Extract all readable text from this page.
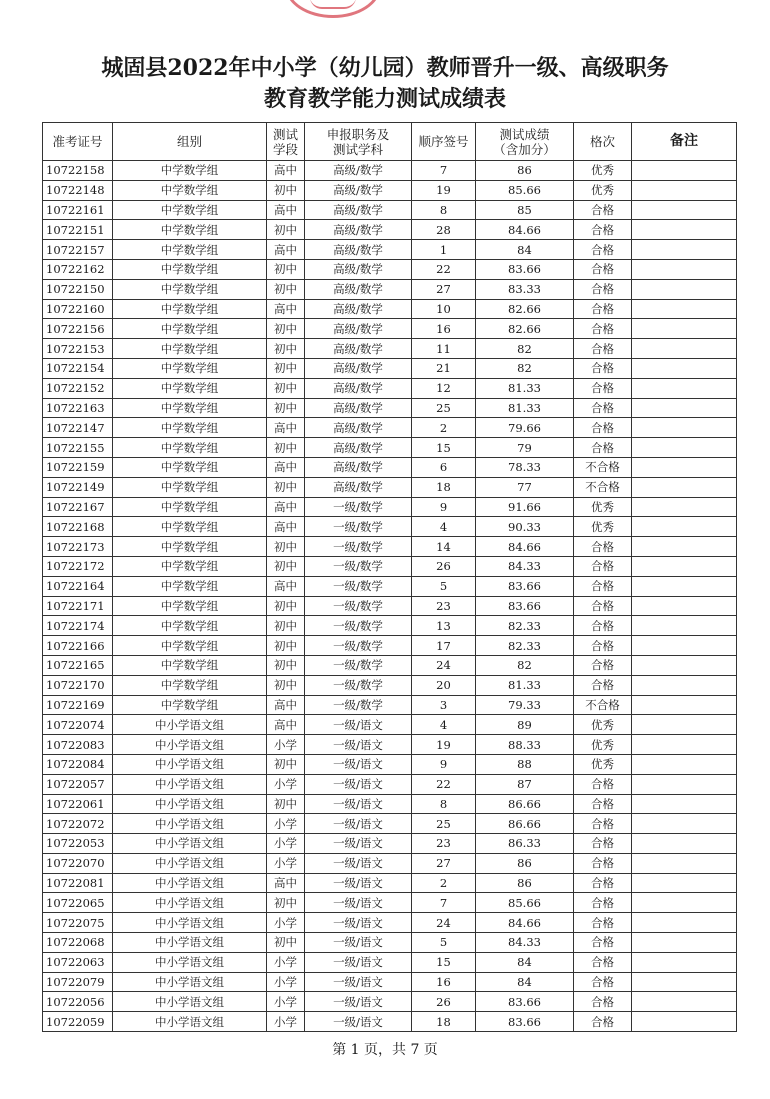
城固县2022年中小学（幼儿园）教师晋升一级、高级职务
教育教学能力测试成绩表
准考证号	组别	测试学段	申报职务及测试学科	顺序签号	测试成绩（含加分）	格次	备注
10722158	中学数学组	高中	高级/数学	7	86	优秀	
10722148	中学数学组	初中	高级/数学	19	85.66	优秀	
10722161	中学数学组	高中	高级/数学	8	85	合格	
10722151	中学数学组	初中	高级/数学	28	84.66	合格	
10722157	中学数学组	高中	高级/数学	1	84	合格	
10722162	中学数学组	初中	高级/数学	22	83.66	合格	
10722150	中学数学组	初中	高级/数学	27	83.33	合格	
10722160	中学数学组	高中	高级/数学	10	82.66	合格	
10722156	中学数学组	初中	高级/数学	16	82.66	合格	
10722153	中学数学组	初中	高级/数学	11	82	合格	
10722154	中学数学组	初中	高级/数学	21	82	合格	
10722152	中学数学组	初中	高级/数学	12	81.33	合格	
10722163	中学数学组	初中	高级/数学	25	81.33	合格	
10722147	中学数学组	高中	高级/数学	2	79.66	合格	
10722155	中学数学组	初中	高级/数学	15	79	合格	
10722159	中学数学组	高中	高级/数学	6	78.33	不合格	
10722149	中学数学组	初中	高级/数学	18	77	不合格	
10722167	中学数学组	高中	一级/数学	9	91.66	优秀	
10722168	中学数学组	高中	一级/数学	4	90.33	优秀	
10722173	中学数学组	初中	一级/数学	14	84.66	合格	
10722172	中学数学组	初中	一级/数学	26	84.33	合格	
10722164	中学数学组	高中	一级/数学	5	83.66	合格	
10722171	中学数学组	初中	一级/数学	23	83.66	合格	
10722174	中学数学组	初中	一级/数学	13	82.33	合格	
10722166	中学数学组	初中	一级/数学	17	82.33	合格	
10722165	中学数学组	初中	一级/数学	24	82	合格	
10722170	中学数学组	初中	一级/数学	20	81.33	合格	
10722169	中学数学组	高中	一级/数学	3	79.33	不合格	
10722074	中小学语文组	高中	一级/语文	4	89	优秀	
10722083	中小学语文组	小学	一级/语文	19	88.33	优秀	
10722084	中小学语文组	初中	一级/语文	9	88	优秀	
10722057	中小学语文组	小学	一级/语文	22	87	合格	
10722061	中小学语文组	初中	一级/语文	8	86.66	合格	
10722072	中小学语文组	小学	一级/语文	25	86.66	合格	
10722053	中小学语文组	小学	一级/语文	23	86.33	合格	
10722070	中小学语文组	小学	一级/语文	27	86	合格	
10722081	中小学语文组	高中	一级/语文	2	86	合格	
10722065	中小学语文组	初中	一级/语文	7	85.66	合格	
10722075	中小学语文组	小学	一级/语文	24	84.66	合格	
10722068	中小学语文组	初中	一级/语文	5	84.33	合格	
10722063	中小学语文组	小学	一级/语文	15	84	合格	
10722079	中小学语文组	小学	一级/语文	16	84	合格	
10722056	中小学语文组	小学	一级/语文	26	83.66	合格	
10722059	中小学语文组	小学	一级/语文	18	83.66	合格	
第 1 页，共 7 页
